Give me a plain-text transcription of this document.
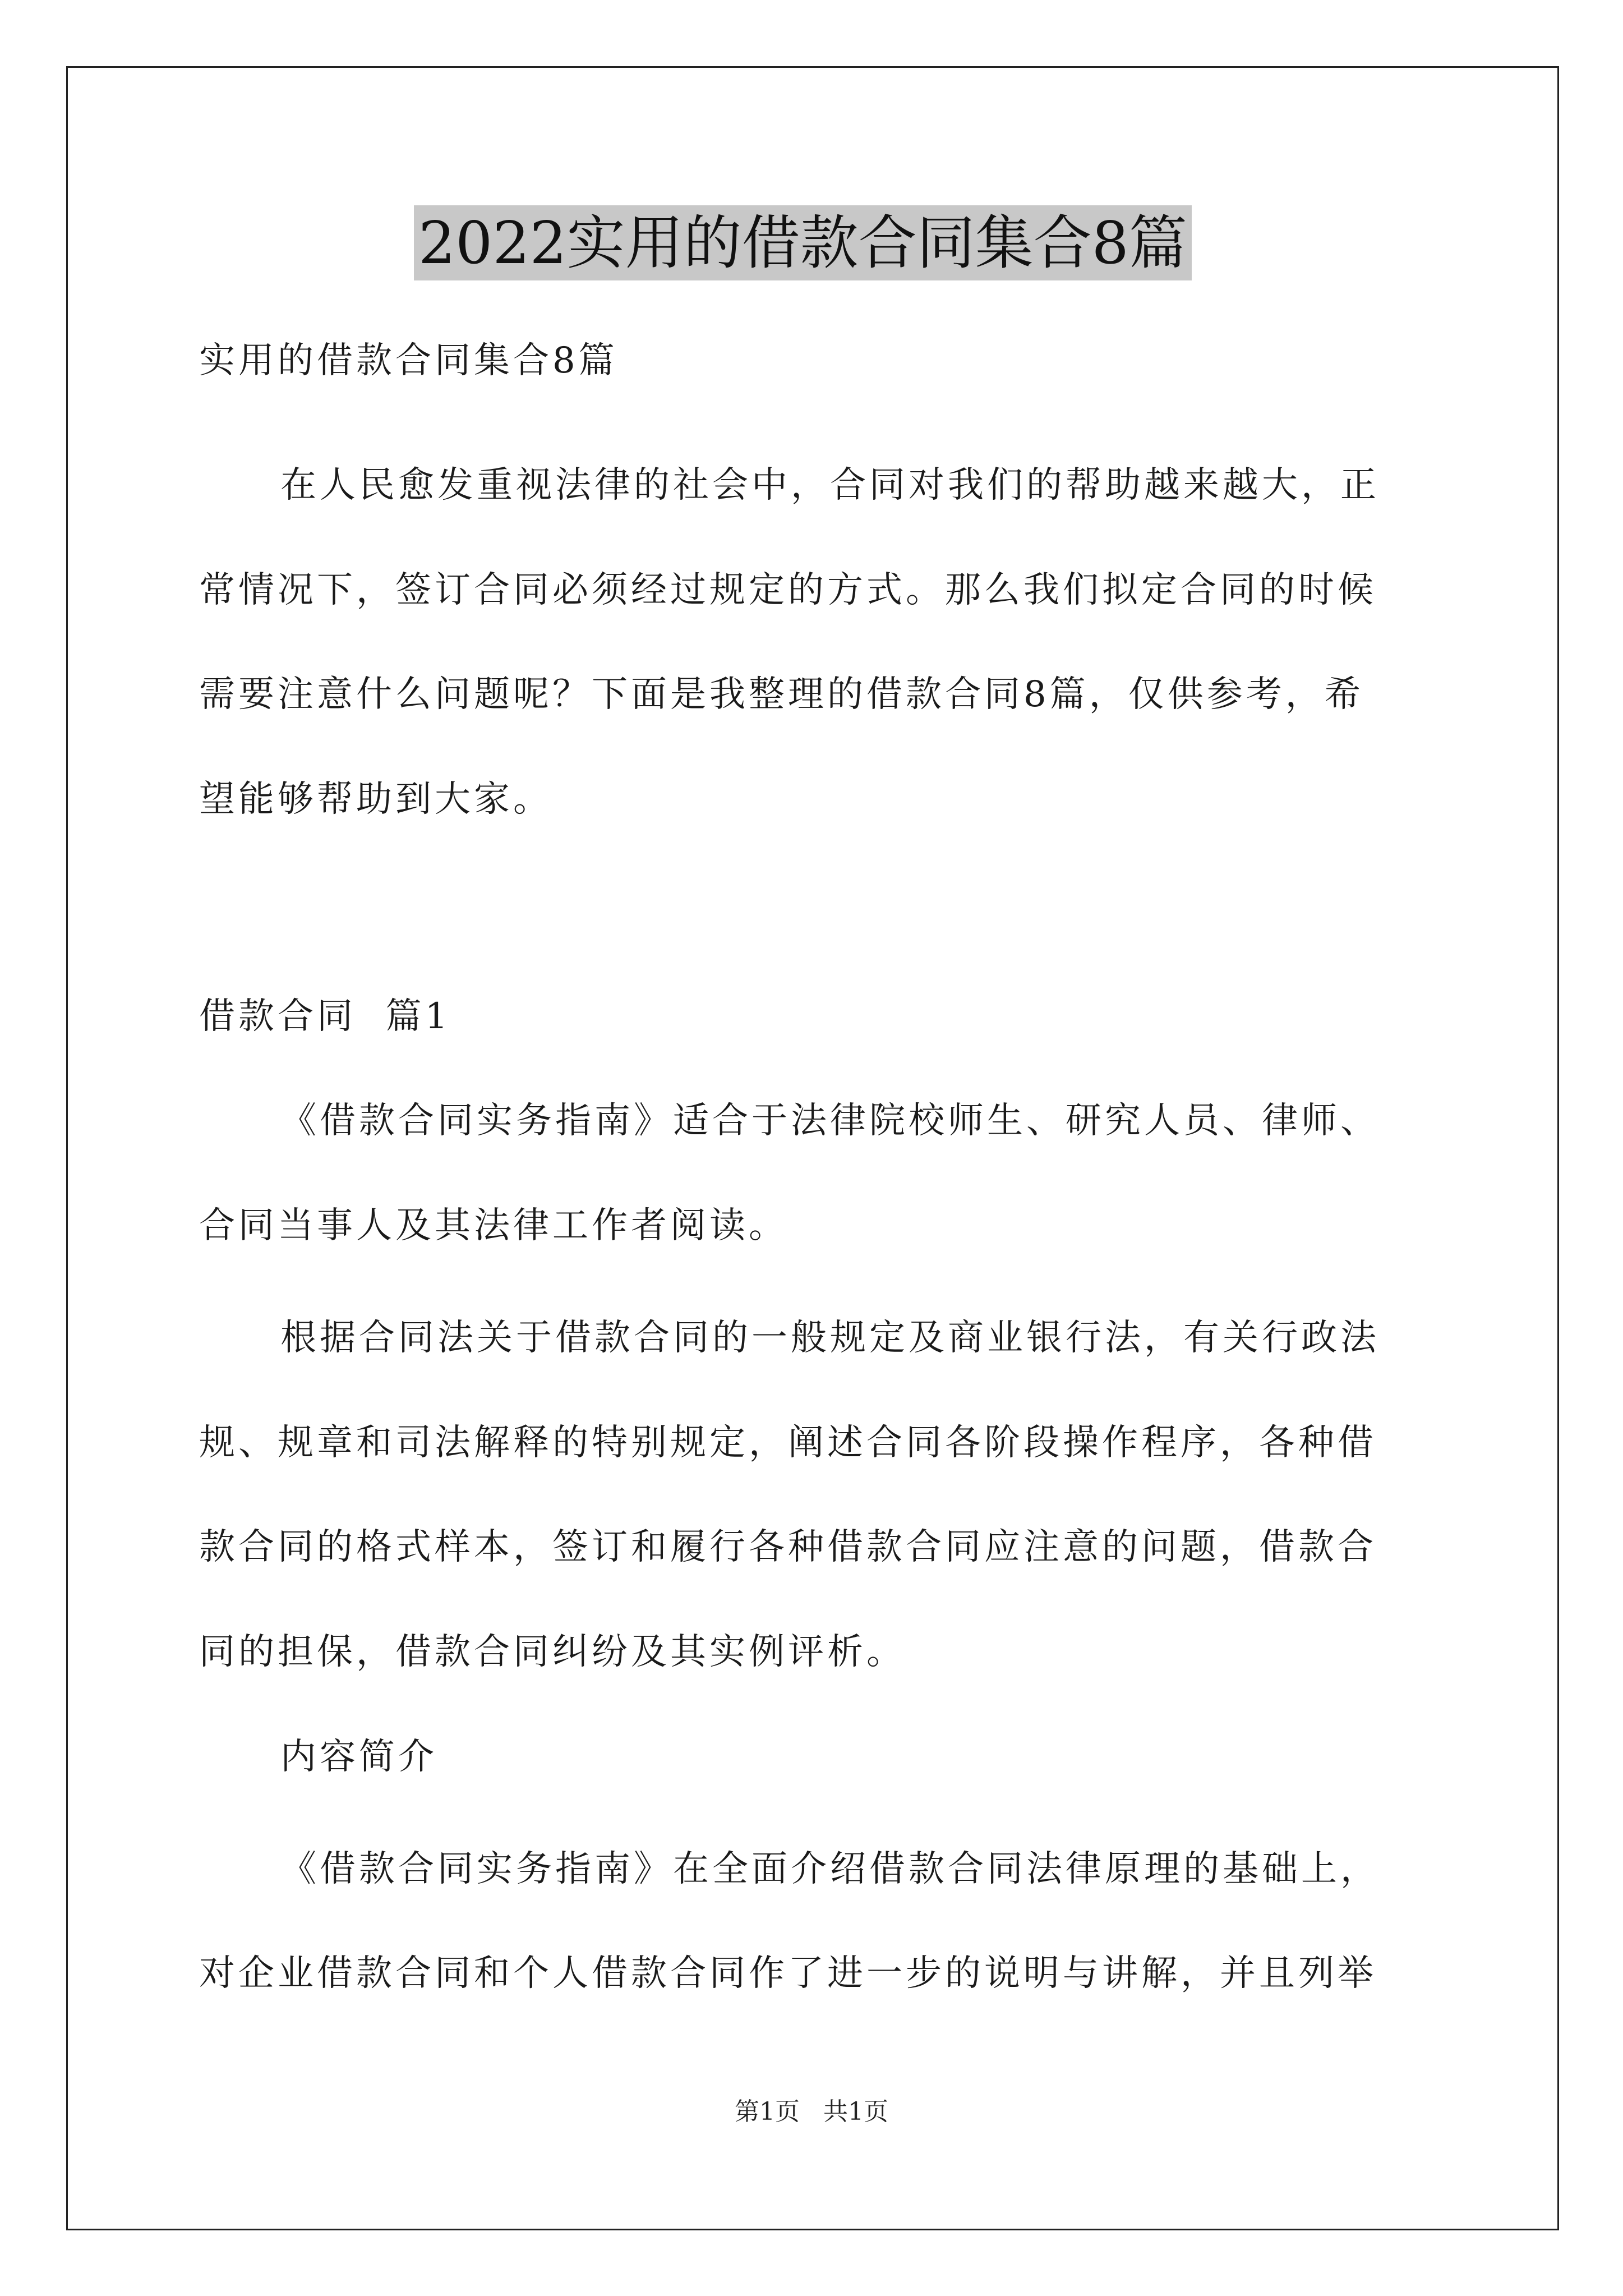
2022实用的借款合同集合8篇
实用的借款合同集合8篇
在人民愈发重视法律的社会中，合同对我们的帮助越来越大，正
常情况下，签订合同必须经过规定的方式。那么我们拟定合同的时候
需要注意什么问题呢？下面是我整理的借款合同8篇，仅供参考，希
望能够帮助到大家。
借款合同  篇1
《借款合同实务指南》适合于法律院校师生、研究人员、律师、
合同当事人及其法律工作者阅读。
根据合同法关于借款合同的一般规定及商业银行法，有关行政法
规、规章和司法解释的特别规定，阐述合同各阶段操作程序，各种借
款合同的格式样本，签订和履行各种借款合同应注意的问题，借款合
同的担保，借款合同纠纷及其实例评析。
内容简介
《借款合同实务指南》在全面介绍借款合同法律原理的基础上，
对企业借款合同和个人借款合同作了进一步的说明与讲解，并且列举
第1页   共1页
